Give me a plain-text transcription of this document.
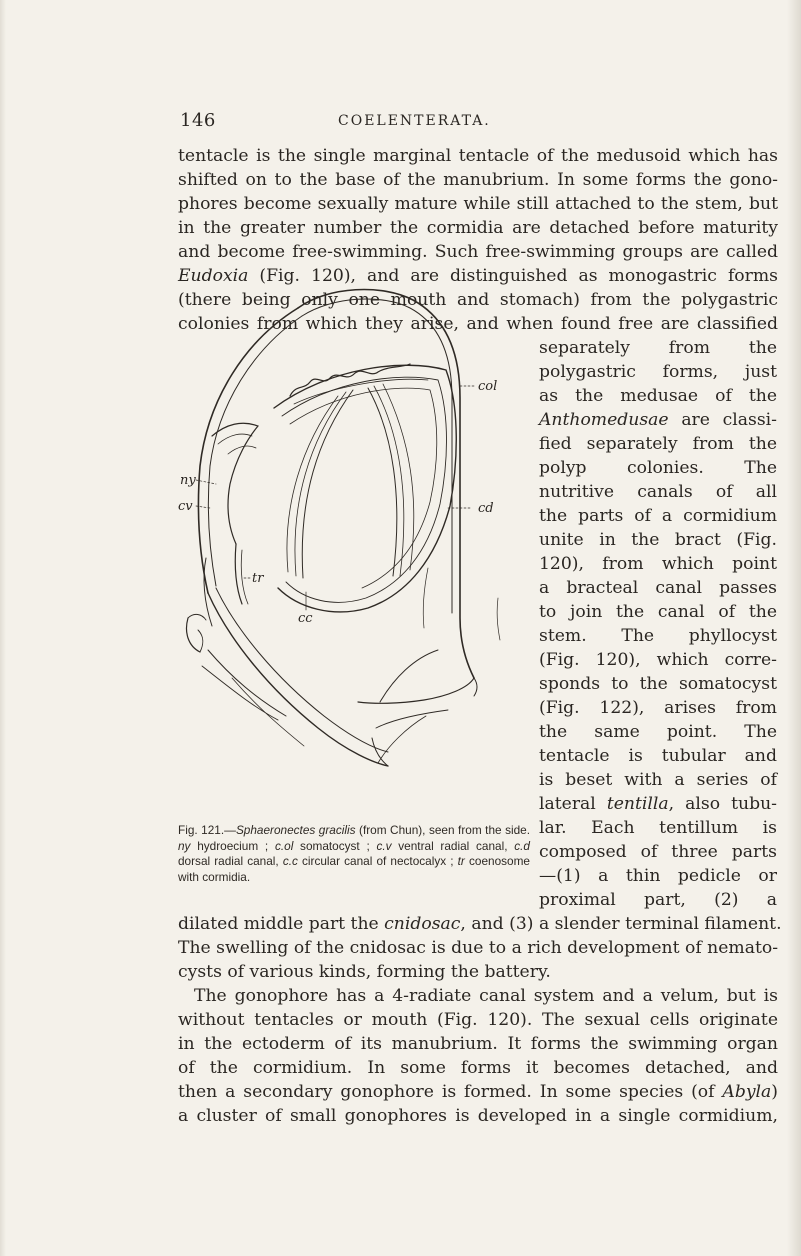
146	COELENTERATA.
tentacle is the single marginal tentacle of the medusoid which has
shifted on to the base of the manubrium. In some forms the gono-
phores become sexually mature while still attached to the stem, but
in the greater number the cormidia are detached before maturity
and become free-swimming. Such free-swimming groups are called
Eudoxia (Fig. 120), and are distinguished as monogastric forms
(there being only one mouth and stomach) from the polygastric
colonies from which they arise, and when found free are classified
separately from the
polygastric forms, just
as the medusae of the
Anthomedusae are classi-
fied separately from the
polyp colonies. The
nutritive canals of all
the parts of a cormidium
unite in the bract (Fig.
120), from which point
a bracteal canal passes
to join the canal of the
stem. The phyllocyst
(Fig. 120), which corre-
sponds to the somatocyst
(Fig. 122), arises from
the same point. The
tentacle is tubular and
is beset with a series of
lateral tentilla, also tubu-
lar. Each tentillum is
composed of three parts
—(1) a thin pedicle or
proximal part, (2) a
dilated middle part the cnidosac, and (3) a slender terminal filament.
The swelling of the cnidosac is due to a rich development of nemato-
cysts of various kinds, forming the battery.
The gonophore has a 4-radiate canal system and a velum, but is
without tentacles or mouth (Fig. 120). The sexual cells originate
in the ectoderm of its manubrium. It forms the swimming organ
of the cormidium. In some forms it becomes detached, and
then a secondary gonophore is formed. In some species (of Abyla)
a cluster of small gonophores is developed in a single cormidium,
col
cd
ny
cv
tr
cc
Fig. 121.—Sphaeronectes gracilis (from Chun), seen from the side. ny hydroecium ; c.ol somatocyst ; c.v ventral radial canal, c.d dorsal radial canal, c.c circular canal of nectocalyx ; tr coenosome with cormidia.
